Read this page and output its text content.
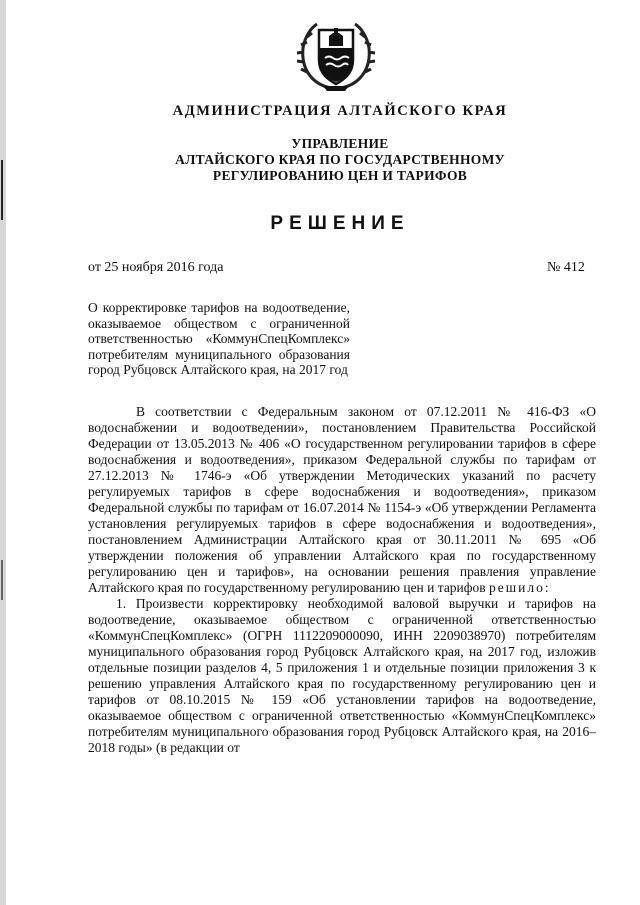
АДМИНИСТРАЦИЯ АЛТАЙСКОГО КРАЯ
УПРАВЛЕНИЕ
АЛТАЙСКОГО КРАЯ ПО ГОСУДАРСТВЕННОМУ
РЕГУЛИРОВАНИЮ ЦЕН И ТАРИФОВ
РЕШЕНИЕ
от 25 ноября 2016 года	№ 412
О корректировке тарифов на водоотведение, оказываемое обществом с ограниченной ответственностью «КоммунСпецКомплекс» потребителям муниципального образования город Рубцовск Алтайского края, на 2017 год

В соответствии с Федеральным законом от 07.12.2011 № 416-ФЗ «О водоснабжении и водоотведении», постановлением Правительства Российской Федерации от 13.05.2013 № 406 «О государственном регулировании тарифов в сфере водоснабжения и водоотведения», приказом Федеральной службы по тарифам от 27.12.2013 № 1746-э «Об утверждении Методических указаний по расчету регулируемых тарифов в сфере водоснабжения и водоотведения», приказом Федеральной службы по тарифам от 16.07.2014 № 1154-э «Об утверждении Регламента установления регулируемых тарифов в сфере водоснабжения и водоотведения», постановлением Администрации Алтайского края от 30.11.2011 № 695 «Об утверждении положения об управлении Алтайского края по государственному регулированию цен и тарифов», на основании решения правления управление Алтайского края по государственному регулированию цен и тарифов решило:

1. Произвести корректировку необходимой валовой выручки и тарифов на водоотведение, оказываемое обществом с ограниченной ответственностью «КоммунСпецКомплекс» (ОГРН 1112209000090, ИНН 2209038970) потребителям муниципального образования город Рубцовск Алтайского края, на 2017 год, изложив отдельные позиции разделов 4, 5 приложения 1 и отдельные позиции приложения 3 к решению управления Алтайского края по государственному регулированию цен и тарифов от 08.10.2015 № 159 «Об установлении тарифов на водоотведение, оказываемое обществом с ограниченной ответственностью «КоммунСпецКомплекс» потребителям муниципального образования город Рубцовск Алтайского края, на 2016–2018 годы» (в редакции от
